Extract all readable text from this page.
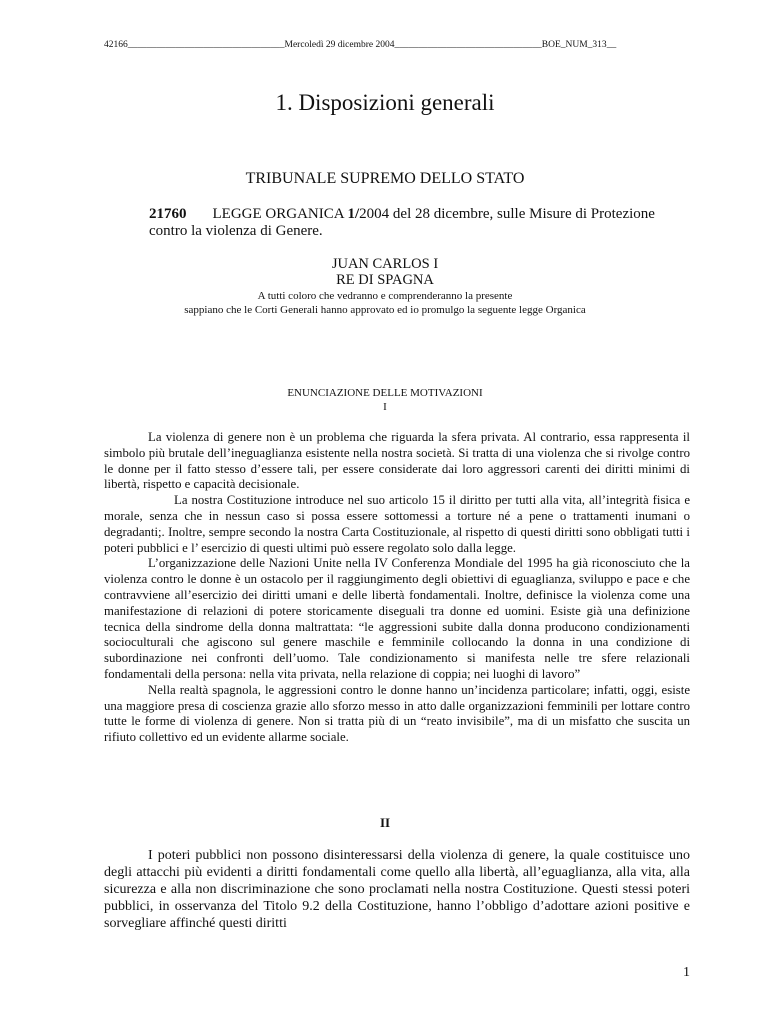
42166_________________________________Mercoledì 29 dicembre 2004_______________________________BOE_NUM_313__
1. Disposizioni generali
TRIBUNALE SUPREMO DELLO STATO
21760 LEGGE ORGANICA 1/2004 del 28 dicembre, sulle Misure di Protezione contro la violenza di Genere.
JUAN CARLOS I
RE DI SPAGNA
A tutti coloro che vedranno e comprenderanno la presente
sappiano che le Corti Generali hanno approvato ed io promulgo la seguente legge Organica
ENUNCIAZIONE DELLE MOTIVAZIONI
I

La violenza di genere non è un problema che riguarda la sfera privata. Al contrario, essa rappresenta il simbolo più brutale dell’ineguaglianza esistente nella nostra società. Si tratta di una violenza che si rivolge contro le donne per il fatto stesso d’essere tali, per essere considerate dai loro aggressori carenti dei diritti minimi di libertà, rispetto e capacità decisionale.

La nostra Costituzione introduce nel suo articolo 15 il diritto per tutti alla vita, all’integrità fisica e morale, senza che in nessun caso si possa essere sottomessi a torture né a pene o trattamenti inumani o degradanti;. Inoltre, sempre secondo la nostra Carta Costituzionale, al rispetto di questi diritti sono obbligati tutti i poteri pubblici e l’ esercizio di questi ultimi può essere regolato solo dalla legge.

L’organizzazione delle Nazioni Unite nella IV Conferenza Mondiale del 1995 ha già riconosciuto che la violenza contro le donne è un ostacolo per il raggiungimento degli obiettivi di eguaglianza, sviluppo e pace e che contravviene all’esercizio dei diritti umani e delle libertà fondamentali. Inoltre, definisce la violenza come una manifestazione di relazioni di potere storicamente diseguali tra donne ed uomini. Esiste già una definizione tecnica della sindrome della donna maltrattata: “le aggressioni subite dalla donna producono condizionamenti socioculturali che agiscono sul genere maschile e femminile collocando la donna in una condizione di subordinazione nei confronti dell’uomo. Tale condizionamento si manifesta nelle tre sfere relazionali fondamentali della persona: nella vita privata, nella relazione di coppia; nei luoghi di lavoro”

Nella realtà spagnola, le aggressioni contro le donne hanno un’incidenza particolare; infatti, oggi, esiste una maggiore presa di coscienza grazie allo sforzo messo in atto dalle organizzazioni femminili per lottare contro tutte le forme di violenza di genere. Non si tratta più di un “reato invisibile”, ma di un misfatto che suscita un rifiuto collettivo ed un evidente allarme sociale.

II

I poteri pubblici non possono disinteressarsi della violenza di genere, la quale costituisce uno degli attacchi più evidenti a diritti fondamentali come quello alla libertà, all’eguaglianza, alla vita, alla sicurezza e alla non discriminazione che sono proclamati nella nostra Costituzione. Questi stessi poteri pubblici, in osservanza del Titolo 9.2 della Costituzione, hanno l’obbligo d’adottare azioni positive e sorvegliare affinché questi diritti

1
